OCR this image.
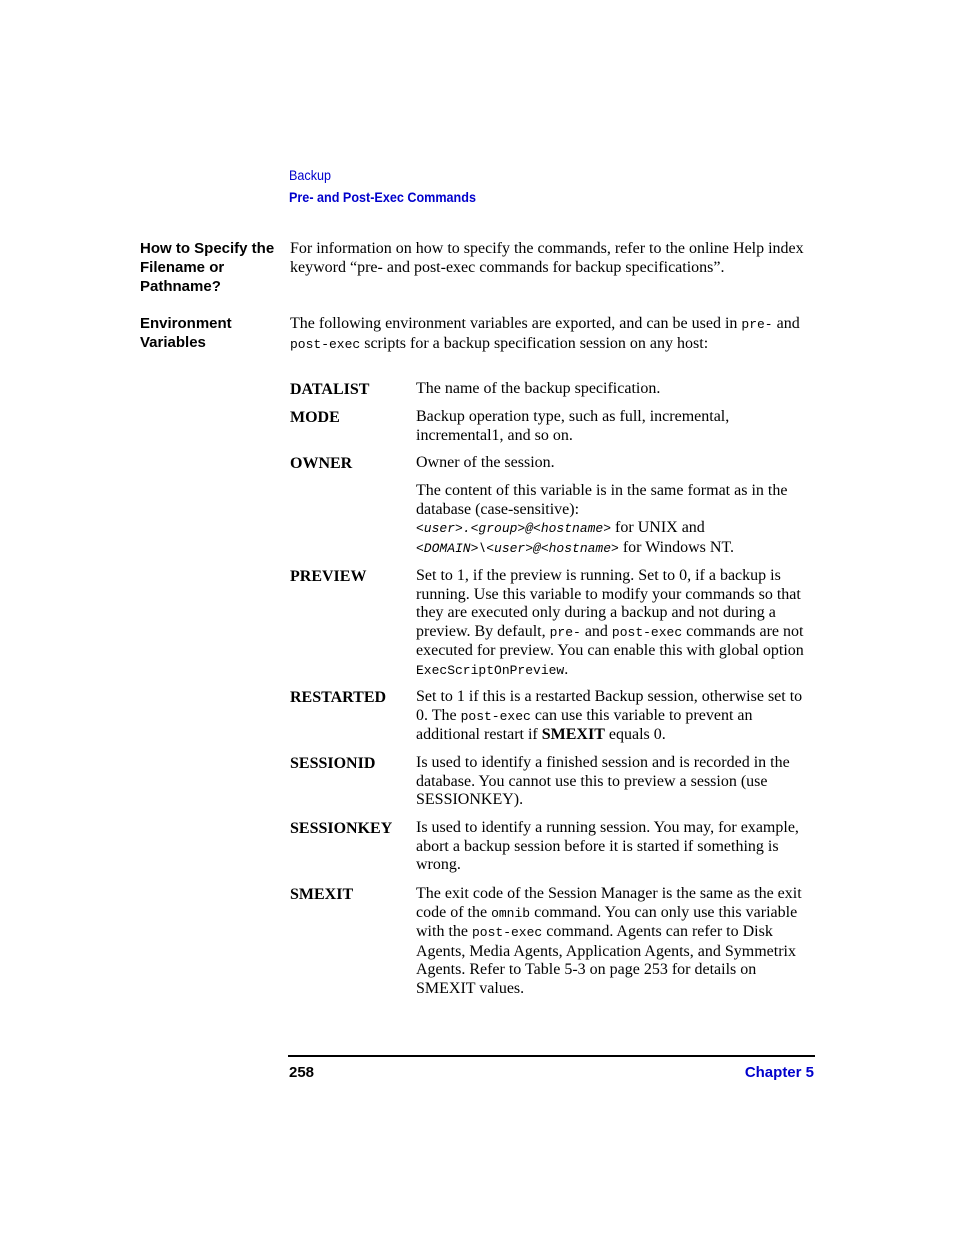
Backup
Pre- and Post-Exec Commands
How to Specify the Filename or Pathname?
For information on how to specify the commands, refer to the online Help index keyword “pre- and post-exec commands for backup specifications”.
Environment Variables
The following environment variables are exported, and can be used in pre- and post-exec scripts for a backup specification session on any host:
DATALIST	The name of the backup specification.
MODE	Backup operation type, such as full, incremental, incremental1, and so on.
OWNER	Owner of the session.
The content of this variable is in the same format as in the database (case-sensitive):
<user>.<group>@<hostname> for UNIX and
<DOMAIN>\<user>@<hostname> for Windows NT.
PREVIEW	Set to 1, if the preview is running. Set to 0, if a backup is running. Use this variable to modify your commands so that they are executed only during a backup and not during a preview. By default, pre- and post-exec commands are not executed for preview. You can enable this with global option ExecScriptOnPreview.
RESTARTED	Set to 1 if this is a restarted Backup session, otherwise set to 0. The post-exec can use this variable to prevent an additional restart if SMEXIT equals 0.
SESSIONID	Is used to identify a finished session and is recorded in the database. You cannot use this to preview a session (use SESSIONKEY).
SESSIONKEY	Is used to identify a running session. You may, for example, abort a backup session before it is started if something is wrong.
SMEXIT	The exit code of the Session Manager is the same as the exit code of the omnib command. You can only use this variable with the post-exec command. Agents can refer to Disk Agents, Media Agents, Application Agents, and Symmetrix Agents. Refer to Table 5-3 on page 253 for details on SMEXIT values.
258	Chapter 5
